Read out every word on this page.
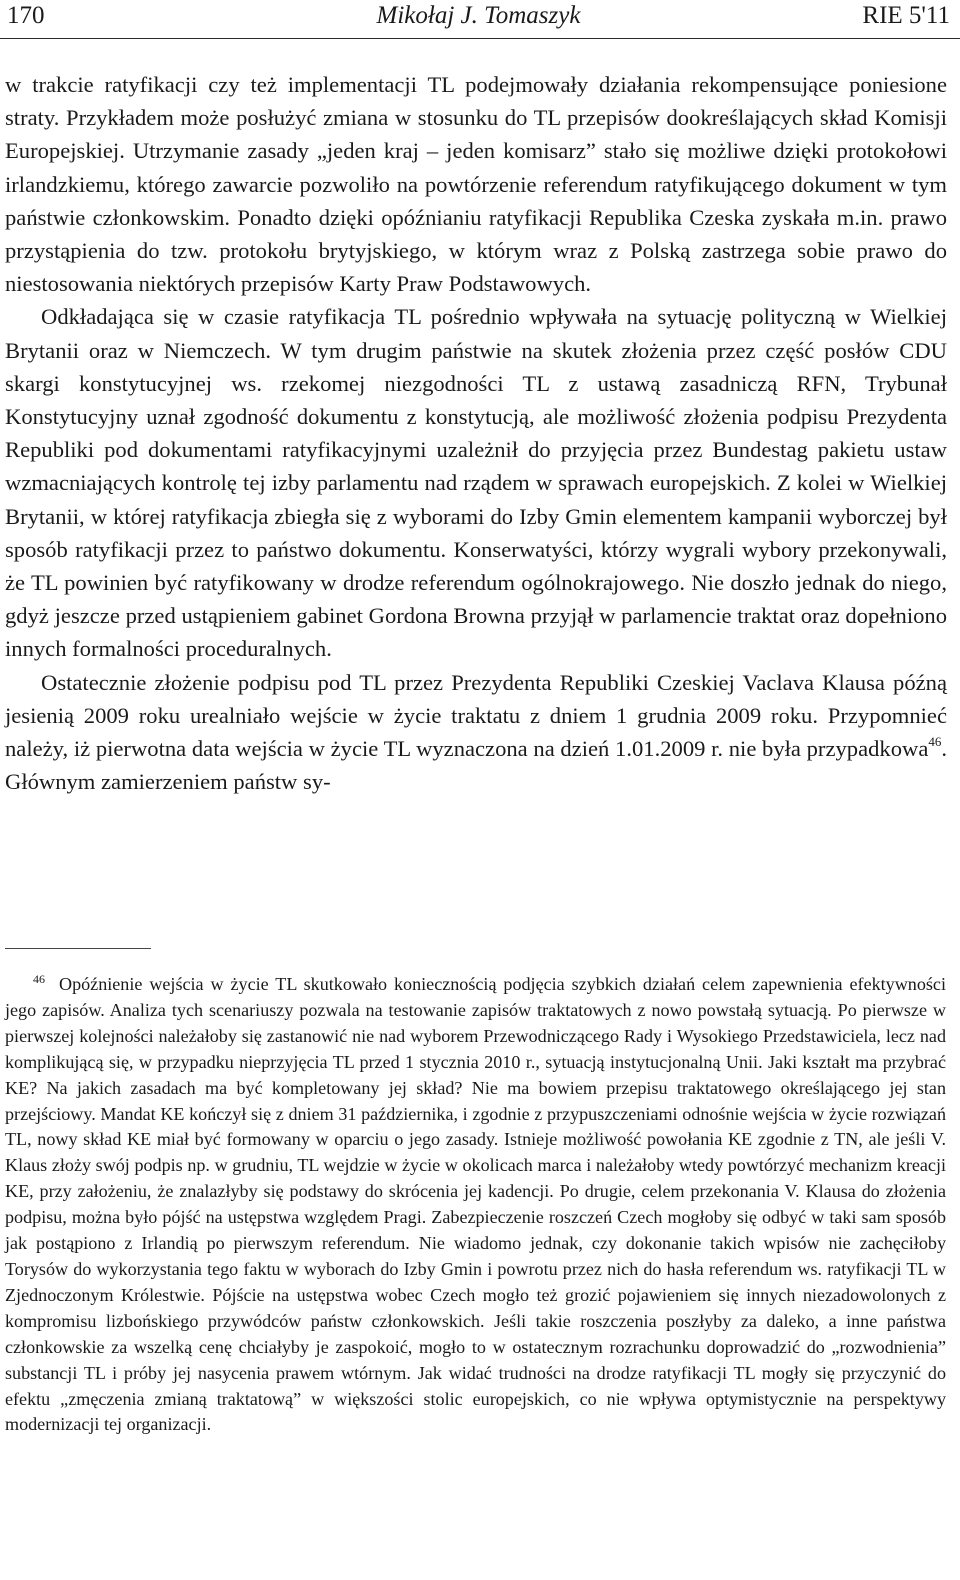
170	Mikołaj J. Tomaszyk	RIE 5'11

w trakcie ratyfikacji czy też implementacji TL podejmowały działania rekompensujące poniesione straty. Przykładem może posłużyć zmiana w stosunku do TL przepisów dookreślających skład Komisji Europejskiej. Utrzymanie zasady „jeden kraj – jeden komisarz” stało się możliwe dzięki protokołowi irlandzkiemu, którego zawarcie pozwoliło na powtórzenie referendum ratyfikującego dokument w tym państwie członkowskim. Ponadto dzięki opóźnianiu ratyfikacji Republika Czeska zyskała m.in. prawo przystąpienia do tzw. protokołu brytyjskiego, w którym wraz z Polską zastrzega sobie prawo do niestosowania niektórych przepisów Karty Praw Podstawowych.

Odkładająca się w czasie ratyfikacja TL pośrednio wpływała na sytuację polityczną w Wielkiej Brytanii oraz w Niemczech. W tym drugim państwie na skutek złożenia przez część posłów CDU skargi konstytucyjnej ws. rzekomej niezgodności TL z ustawą zasadniczą RFN, Trybunał Konstytucyjny uznał zgodność dokumentu z konstytucją, ale możliwość złożenia podpisu Prezydenta Republiki pod dokumentami ratyfikacyjnymi uzależnił do przyjęcia przez Bundestag pakietu ustaw wzmacniających kontrolę tej izby parlamentu nad rządem w sprawach europejskich. Z kolei w Wielkiej Brytanii, w której ratyfikacja zbiegła się z wyborami do Izby Gmin elementem kampanii wyborczej był sposób ratyfikacji przez to państwo dokumentu. Konserwatyści, którzy wygrali wybory przekonywali, że TL powinien być ratyfikowany w drodze referendum ogólnokrajowego. Nie doszło jednak do niego, gdyż jeszcze przed ustąpieniem gabinet Gordona Browna przyjął w parlamencie traktat oraz dopełniono innych formalności proceduralnych.

Ostatecznie złożenie podpisu pod TL przez Prezydenta Republiki Czeskiej Vaclava Klausa późną jesienią 2009 roku urealniało wejście w życie traktatu z dniem 1 grudnia 2009 roku. Przypomnieć należy, iż pierwotna data wejścia w życie TL wyznaczona na dzień 1.01.2009 r. nie była przypadkowa$^{46}$. Głównym zamierzeniem państw sy-

$^{46}$ Opóźnienie wejścia w życie TL skutkowało koniecznością podjęcia szybkich działań celem zapewnienia efektywności jego zapisów. Analiza tych scenariuszy pozwala na testowanie zapisów traktatowych z nowo powstałą sytuacją. Po pierwsze w pierwszej kolejności należałoby się zastanowić nie nad wyborem Przewodniczącego Rady i Wysokiego Przedstawiciela, lecz nad komplikującą się, w przypadku nieprzyjęcia TL przed 1 stycznia 2010 r., sytuacją instytucjonalną Unii. Jaki kształt ma przybrać KE? Na jakich zasadach ma być kompletowany jej skład? Nie ma bowiem przepisu traktatowego określającego jej stan przejściowy. Mandat KE kończył się z dniem 31 października, i zgodnie z przypuszczeniami odnośnie wejścia w życie rozwiązań TL, nowy skład KE miał być formowany w oparciu o jego zasady. Istnieje możliwość powołania KE zgodnie z TN, ale jeśli V. Klaus złoży swój podpis np. w grudniu, TL wejdzie w życie w okolicach marca i należałoby wtedy powtórzyć mechanizm kreacji KE, przy założeniu, że znalazłyby się podstawy do skrócenia jej kadencji. Po drugie, celem przekonania V. Klausa do złożenia podpisu, można było pójść na ustępstwa względem Pragi. Zabezpieczenie roszczeń Czech mogłoby się odbyć w taki sam sposób jak postąpiono z Irlandią po pierwszym referendum. Nie wiadomo jednak, czy dokonanie takich wpisów nie zachęciłoby Torysów do wykorzystania tego faktu w wyborach do Izby Gmin i powrotu przez nich do hasła referendum ws. ratyfikacji TL w Zjednoczonym Królestwie. Pójście na ustępstwa wobec Czech mogło też grozić pojawieniem się innych niezadowolonych z kompromisu lizbońskiego przywódców państw członkowskich. Jeśli takie roszczenia poszłyby za daleko, a inne państwa członkowskie za wszelką cenę chciałyby je zaspokoić, mogło to w ostatecznym rozrachunku doprowadzić do „rozwodnienia” substancji TL i próby jej nasycenia prawem wtórnym. Jak widać trudności na drodze ratyfikacji TL mogły się przyczynić do efektu „zmęczenia zmianą traktatową” w większości stolic europejskich, co nie wpływa optymistycznie na perspektywy modernizacji tej organizacji.
